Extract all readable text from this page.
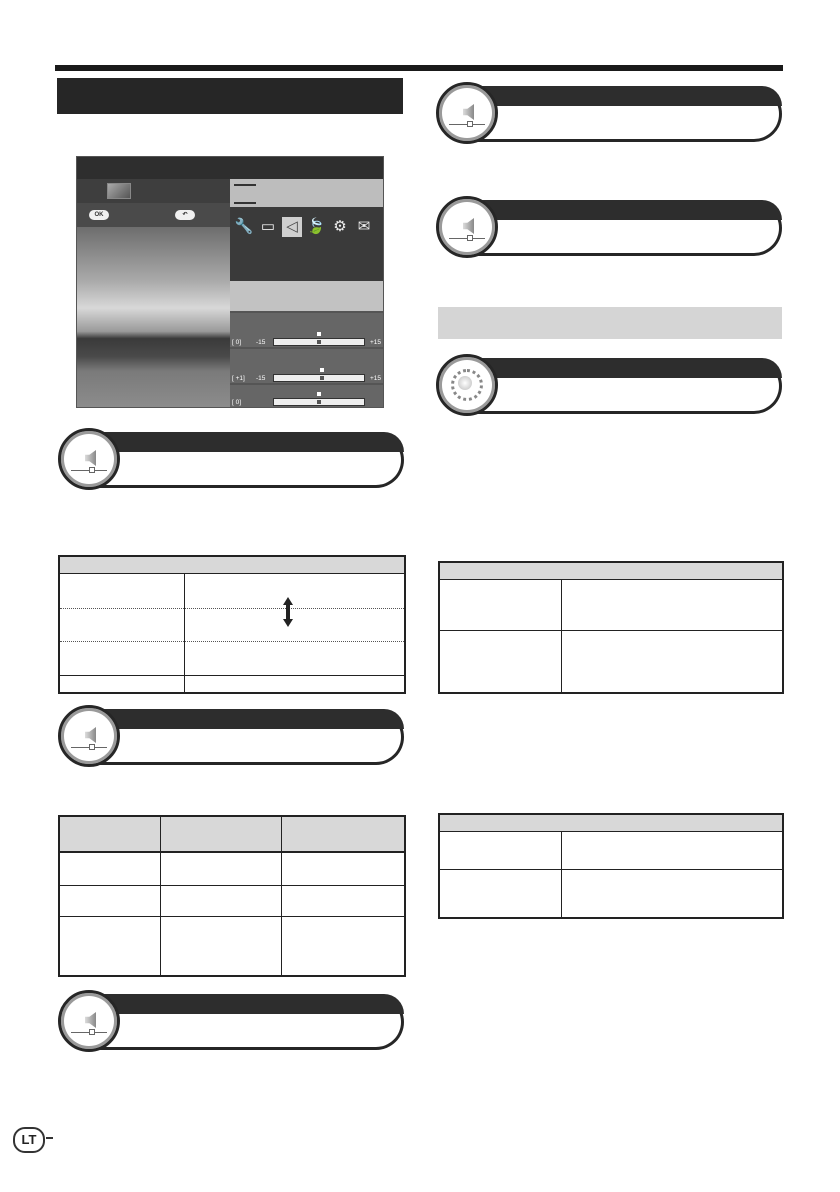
OK	↶
🔧 ▭ ◁ 🍃 ⚙ ✉
[ 0] -15	+15
[ +1] -15	+15
[ 0]
LT
